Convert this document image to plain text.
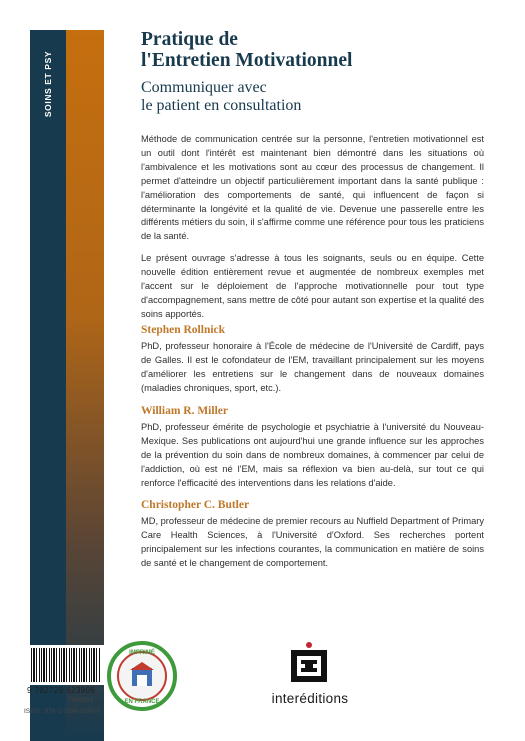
SOINS ET PSY
Pratique de
l'Entretien Motivationnel
Communiquer avec
le patient en consultation

Méthode de communication centrée sur la personne, l'entretien motivationnel est un outil dont l'intérêt est maintenant bien démontré dans les situations où l'ambivalence et les motivations sont au cœur des processus de changement. Il permet d'atteindre un objectif particulièrement important dans la santé publique : l'amélioration des comportements de santé, qui influencent de façon si déterminante la longévité et la qualité de vie. Devenue une passerelle entre les différents métiers du soin, il s'affirme comme une référence pour tous les praticiens de la santé.

Le présent ouvrage s'adresse à tous les soignants, seuls ou en équipe. Cette nouvelle édition entièrement revue et augmentée de nombreux exemples met l'accent sur le déploiement de l'approche motivationnelle pour tout type d'accompagnement, sans mettre de côté pour autant son expertise et la qualité des soins apportés.

Stephen Rollnick

PhD, professeur honoraire à l'École de médecine de l'Université de Cardiff, pays de Galles. Il est le cofondateur de l'EM, travaillant principalement sur les moyens d'améliorer les entretiens sur le changement dans de nouveaux domaines (maladies chroniques, sport, etc.).

William R. Miller

PhD, professeur émérite de psychologie et psychiatrie à l'université du Nouveau-Mexique. Ses publications ont aujourd'hui une grande influence sur les approches de la prévention du soin dans de nombreux domaines, à commencer par celui de l'addiction, où est né l'EM, mais sa réflexion va bien au-delà, sur tout ce qui renforce l'efficacité des interventions dans les relations d'aide.

Christopher C. Butler

MD, professeur de médecine de premier recours au Nuffield Department of Primary Care Health Sciences, à l'Université d'Oxford. Ses recherches portent principalement sur les infections courantes, la communication en matière de soins de santé et le changement de comportement.

9 782729 623906
7999291
ISBN : 978-2-7296-2590-6
IMPRIMÉ
EN FRANCE	interéditions
